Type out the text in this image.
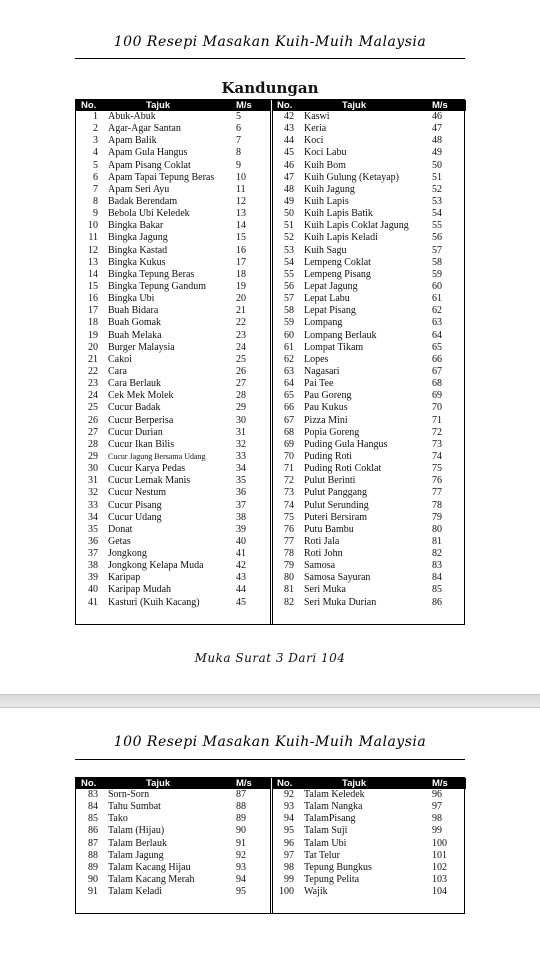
100 Resepi Masakan Kuih-Muih Malaysia
Kandungan
No.	Tajuk	M/s
1 Abuk-Abuk	5
2 Agar-Agar Santan	6
3 Apam Balik	7
4 Apam Gula Hangus	8
5 Apam Pisang Coklat	9
6 Apam Tapai Tepung Beras 10
7 Apam Seri Ayu	11
8 Badak Berendam	12
9 Bebola Ubi Keledek	13
10 Bingka Bakar	14
11 Bingka Jagung	15
12 Bingka Kastad	16
13 Bingka Kukus	17
14 Bingka Tepung Beras	18
15 Bingka Tepung Gandum	19
16 Bingka Ubi	20
17 Buah Bidara	21
18 Buah Gomak	22
19 Buah Melaka	23
20 Burger Malaysia	24
21 Cakoi	25
22 Cara	26
23 Cara Berlauk	27
24 Cek Mek Molek	28
25 Cucur Badak	29
26 Cucur Berperisa	30
27 Cucur Durian	31
28 Cucur Ikan Bilis	32
29 Cucur Jagung Bersama Udang	33
30 Cucur Karya Pedas	34
31 Cucur Lemak Manis	35
32 Cucur Nestum	36
33 Cucur Pisang	37
34 Cucur Udang	38
35 Donat	39
36 Getas	40
37 Jongkong	41
38 Jongkong Kelapa Muda	42
39 Karipap	43
40 Karipap Mudah	44
41 Kasturi (Kuih Kacang)	45
No.	Tajuk	M/s
42 Kaswi	46
43 Keria	47
44 Koci	48
45 Koci Labu	49
46 Kuih Bom	50
47 Kuih Gulung (Ketayap)	51
48 Kuih Jagung	52
49 Kuih Lapis	53
50 Kuih Lapis Batik	54
51 Kuih Lapis Coklat Jagung 55
52 Kuih Lapis Keladi	56
53 Kuih Sagu	57
54 Lempeng Coklat	58
55 Lempeng Pisang	59
56 Lepat Jagung	60
57 Lepat Labu	61
58 Lepat Pisang	62
59 Lompang	63
60 Lompang Berlauk	64
61 Lompat Tikam	65
62 Lopes	66
63 Nagasari	67
64 Pai Tee	68
65 Pau Goreng	69
66 Pau Kukus	70
67 Pizza Mini	71
68 Popia Goreng	72
69 Puding Gula Hangus	73
70 Puding Roti	74
71 Puding Roti Coklat	75
72 Pulut Berinti	76
73 Pulut Panggang	77
74 Pulut Serunding	78
75 Puteri Bersiram	79
76 Putu Bambu	80
77 Roti Jala	81
78 Roti John	82
79 Samosa	83
80 Samosa Sayuran	84
81 Seri Muka	85
82 Seri Muka Durian	86
Muka Surat 3 Dari 104
100 Resepi Masakan Kuih-Muih Malaysia
No.	Tajuk	M/s
83 Sorn-Sorn	87
84 Tahu Sumbat	88
85 Tako	89
86 Talam (Hijau)	90
87 Talam Berlauk	91
88 Talam Jagung	92
89 Talam Kacang Hijau	93
90 Talam Kacang Merah	94
91 Talam Keladi	95
No.	Tajuk	M/s
92 Talam Keledek	96
93 Talam Nangka	97
94 TalamPisang	98
95 Talam Suji	99
96 Talam Ubi	100
97 Tat Telur	101
98 Tepung Bungkus	102
99 Tepung Pelita	103
100 Wajik	104
